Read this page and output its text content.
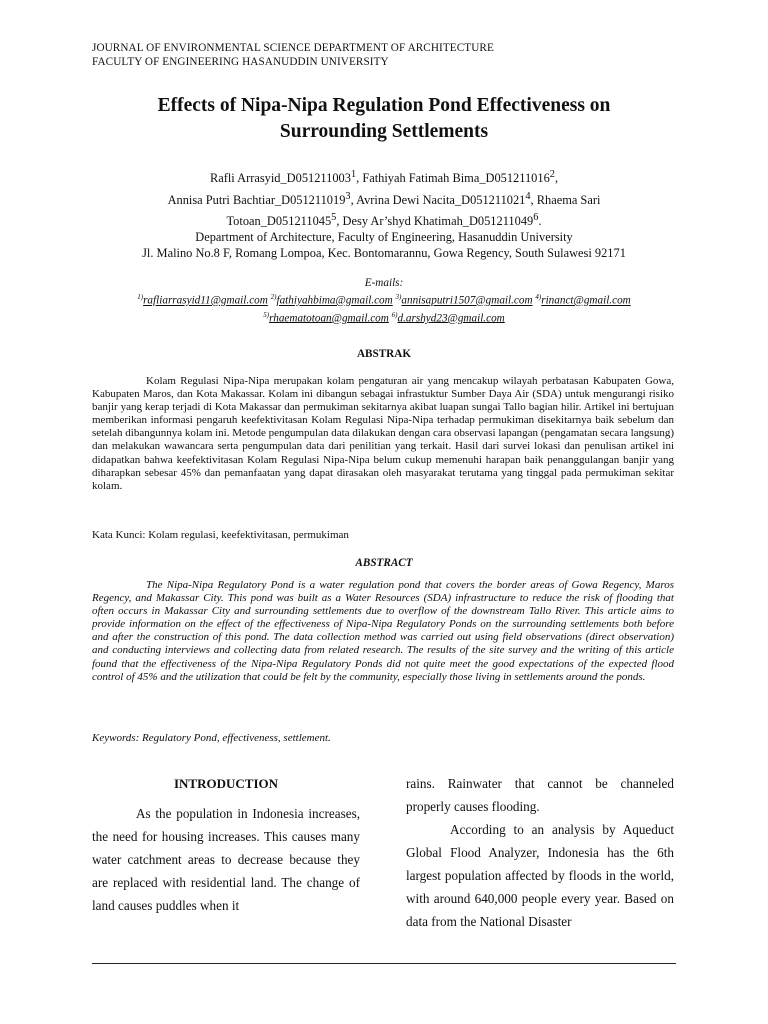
JOURNAL OF ENVIRONMENTAL SCIENCE DEPARTMENT OF ARCHITECTURE
FACULTY OF ENGINEERING HASANUDDIN UNIVERSITY
Effects of Nipa-Nipa Regulation Pond Effectiveness on
Surrounding Settlements
Rafli Arrasyid_D051211003$^1$, Fathiyah Fatimah Bima_D051211016$^2$,
Annisa Putri Bachtiar_D051211019$^3$, Avrina Dewi Nacita_D051211021$^4$, Rhaema Sari
Totoan_D051211045$^5$, Desy Ar’shyd Khatimah_D051211049$^6$.
Department of Architecture, Faculty of Engineering, Hasanuddin University
Jl. Malino No.8 F, Romang Lompoa, Kec. Bontomarannu, Gowa Regency, South Sulawesi 92171
E-mails:
$^{1)}$rafliarrasyid11@gmail.com $^{2)}$fathiyahbima@gmail.com $^{3)}$annisaputri1507@gmail.com $^{4)}$rinanct@gmail.com
$^{5)}$rhaematotoan@gmail.com $^{6)}$d.arshyd23@gmail.com
ABSTRAK
Kolam Regulasi Nipa-Nipa merupakan kolam pengaturan air yang mencakup wilayah perbatasan Kabupaten Gowa, Kabupaten Maros, dan Kota Makassar. Kolam ini dibangun sebagai infrastuktur Sumber Daya Air (SDA) untuk mengurangi risiko banjir yang kerap terjadi di Kota Makassar dan permukiman sekitarnya akibat luapan sungai Tallo bagian hilir. Artikel ini bertujuan memberikan informasi pengaruh keefektivitasan Kolam Regulasi Nipa-Nipa terhadap permukiman disekitarnya baik sebelum dan setelah dibangunnya kolam ini. Metode pengumpulan data dilakukan dengan cara observasi lapangan (pengamatan secara langsung) dan melakukan wawancara serta pengumpulan data dari penilitian yang terkait. Hasil dari survei lokasi dan penulisan artikel ini didapatkan bahwa keefektivitasan Kolam Regulasi Nipa-Nipa belum cukup memenuhi harapan baik penanggulangan banjir yang diharapkan sebesar 45% dan pemanfaatan yang dapat dirasakan oleh masyarakat terutama yang tinggal pada permukiman sekitar kolam.
Kata Kunci: Kolam regulasi, keefektivitasan, permukiman
ABSTRACT
The Nipa-Nipa Regulatory Pond is a water regulation pond that covers the border areas of Gowa Regency, Maros Regency, and Makassar City. This pond was built as a Water Resources (SDA) infrastructure to reduce the risk of flooding that often occurs in Makassar City and surrounding settlements due to overflow of the downstream Tallo River. This article aims to provide information on the effect of the effectiveness of Nipa-Nipa Regulatory Ponds on the surrounding settlements both before and after the construction of this pond. The data collection method was carried out using field observations (direct observation) and conducting interviews and collecting data from related research. The results of the site survey and the writing of this article found that the effectiveness of the Nipa-Nipa Regulatory Ponds did not quite meet the good expectations of the expected flood control of 45% and the utilization that could be felt by the community, especially those living in settlements around the ponds.
Keywords: Regulatory Pond, effectiveness, settlement.
INTRODUCTION

As the population in Indonesia increases, the need for housing increases. This causes many water catchment areas to decrease because they are replaced with residential land. The change of land causes puddles when it

rains. Rainwater that cannot be channeled properly causes flooding.

According to an analysis by Aqueduct Global Flood Analyzer, Indonesia has the 6th largest population affected by floods in the world, with around 640,000 people every year. Based on data from the National Disaster
